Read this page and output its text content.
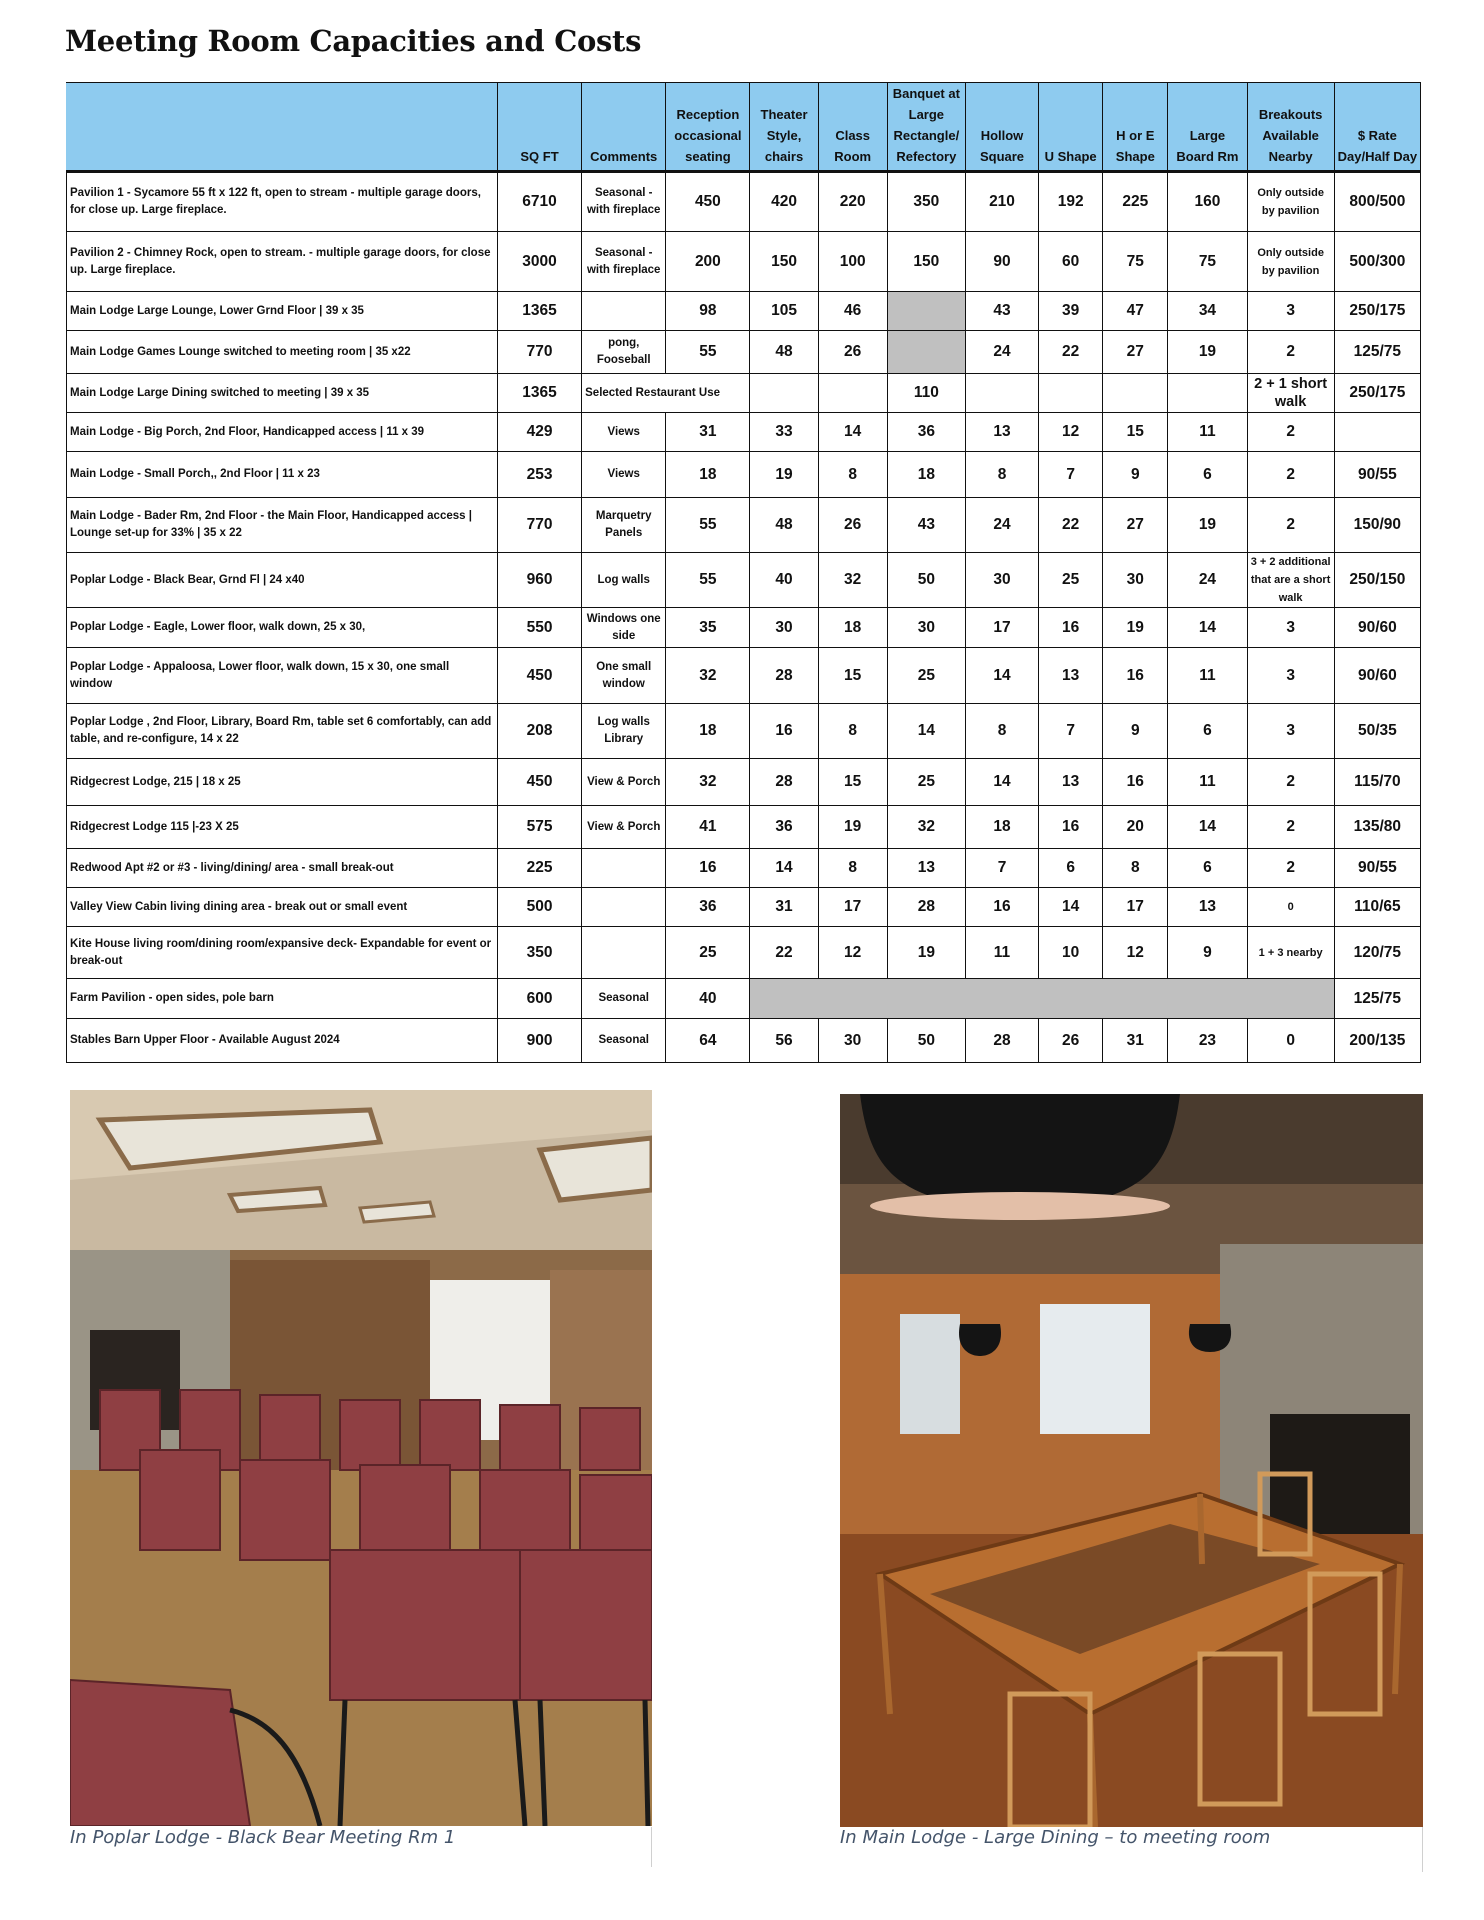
Meeting Room Capacities and Costs
	SQ FT	Comments	Reception occasional seating	Theater Style, chairs	Class Room	Banquet at Large Rectangle/ Refectory	Hollow Square	U Shape	H or E Shape	Large Board Rm	Breakouts Available Nearby	$ Rate Day/Half Day
Pavilion 1 - Sycamore 55 ft x 122 ft, open to stream - multiple garage doors, for close up. Large fireplace.	6710	Seasonal - with fireplace	450	420	220	350	210	192	225	160	Only outside by pavilion	800/500
Pavilion 2 - Chimney Rock, open to stream. - multiple garage doors, for close up. Large fireplace.	3000	Seasonal - with fireplace	200	150	100	150	90	60	75	75	Only outside by pavilion	500/300
Main Lodge Large Lounge, Lower Grnd Floor | 39 x 35	1365		98	105	46		43	39	47	34	3	250/175
Main Lodge Games Lounge switched to meeting room | 35 x22	770	pong, Fooseball	55	48	26		24	22	27	19	2	125/75
Main Lodge Large Dining switched to meeting | 39 x 35	1365	Selected Restaurant Use				110					2 + 1 short walk	250/175
Main Lodge - Big Porch, 2nd Floor, Handicapped access | 11 x 39	429	Views	31	33	14	36	13	12	15	11	2	
Main Lodge - Small Porch,, 2nd Floor | 11 x 23	253	Views	18	19	8	18	8	7	9	6	2	90/55
Main Lodge - Bader Rm, 2nd Floor - the Main Floor, Handicapped access | Lounge set-up for 33% | 35 x 22	770	Marquetry Panels	55	48	26	43	24	22	27	19	2	150/90
Poplar Lodge - Black Bear, Grnd Fl | 24 x40	960	Log walls	55	40	32	50	30	25	30	24	3 + 2 additional that are a short walk	250/150
Poplar Lodge - Eagle, Lower floor, walk down, 25 x 30,	550	Windows one side	35	30	18	30	17	16	19	14	3	90/60
Poplar Lodge - Appaloosa, Lower floor, walk down, 15 x 30, one small window	450	One small window	32	28	15	25	14	13	16	11	3	90/60
Poplar Lodge , 2nd Floor, Library, Board Rm, table set 6 comfortably, can add table, and re-configure, 14 x 22	208	Log walls Library	18	16	8	14	8	7	9	6	3	50/35
Ridgecrest Lodge, 215 | 18 x 25	450	View & Porch	32	28	15	25	14	13	16	11	2	115/70
Ridgecrest Lodge 115 |-23 X 25	575	View & Porch	41	36	19	32	18	16	20	14	2	135/80
Redwood Apt #2 or #3 - living/dining/ area - small break-out	225		16	14	8	13	7	6	8	6	2	90/55
Valley View Cabin living dining area - break out or small event	500		36	31	17	28	16	14	17	13	0	110/65
Kite House living room/dining room/expansive deck- Expandable for event or break-out	350		25	22	12	19	11	10	12	9	1 + 3 nearby	120/75
Farm Pavilion - open sides, pole barn	600	Seasonal	40									125/75
Stables Barn Upper Floor - Available August 2024	900	Seasonal	64	56	30	50	28	26	31	23	0	200/135
In Poplar Lodge - Black Bear Meeting Rm 1	In Main Lodge - Large Dining – to meeting room
